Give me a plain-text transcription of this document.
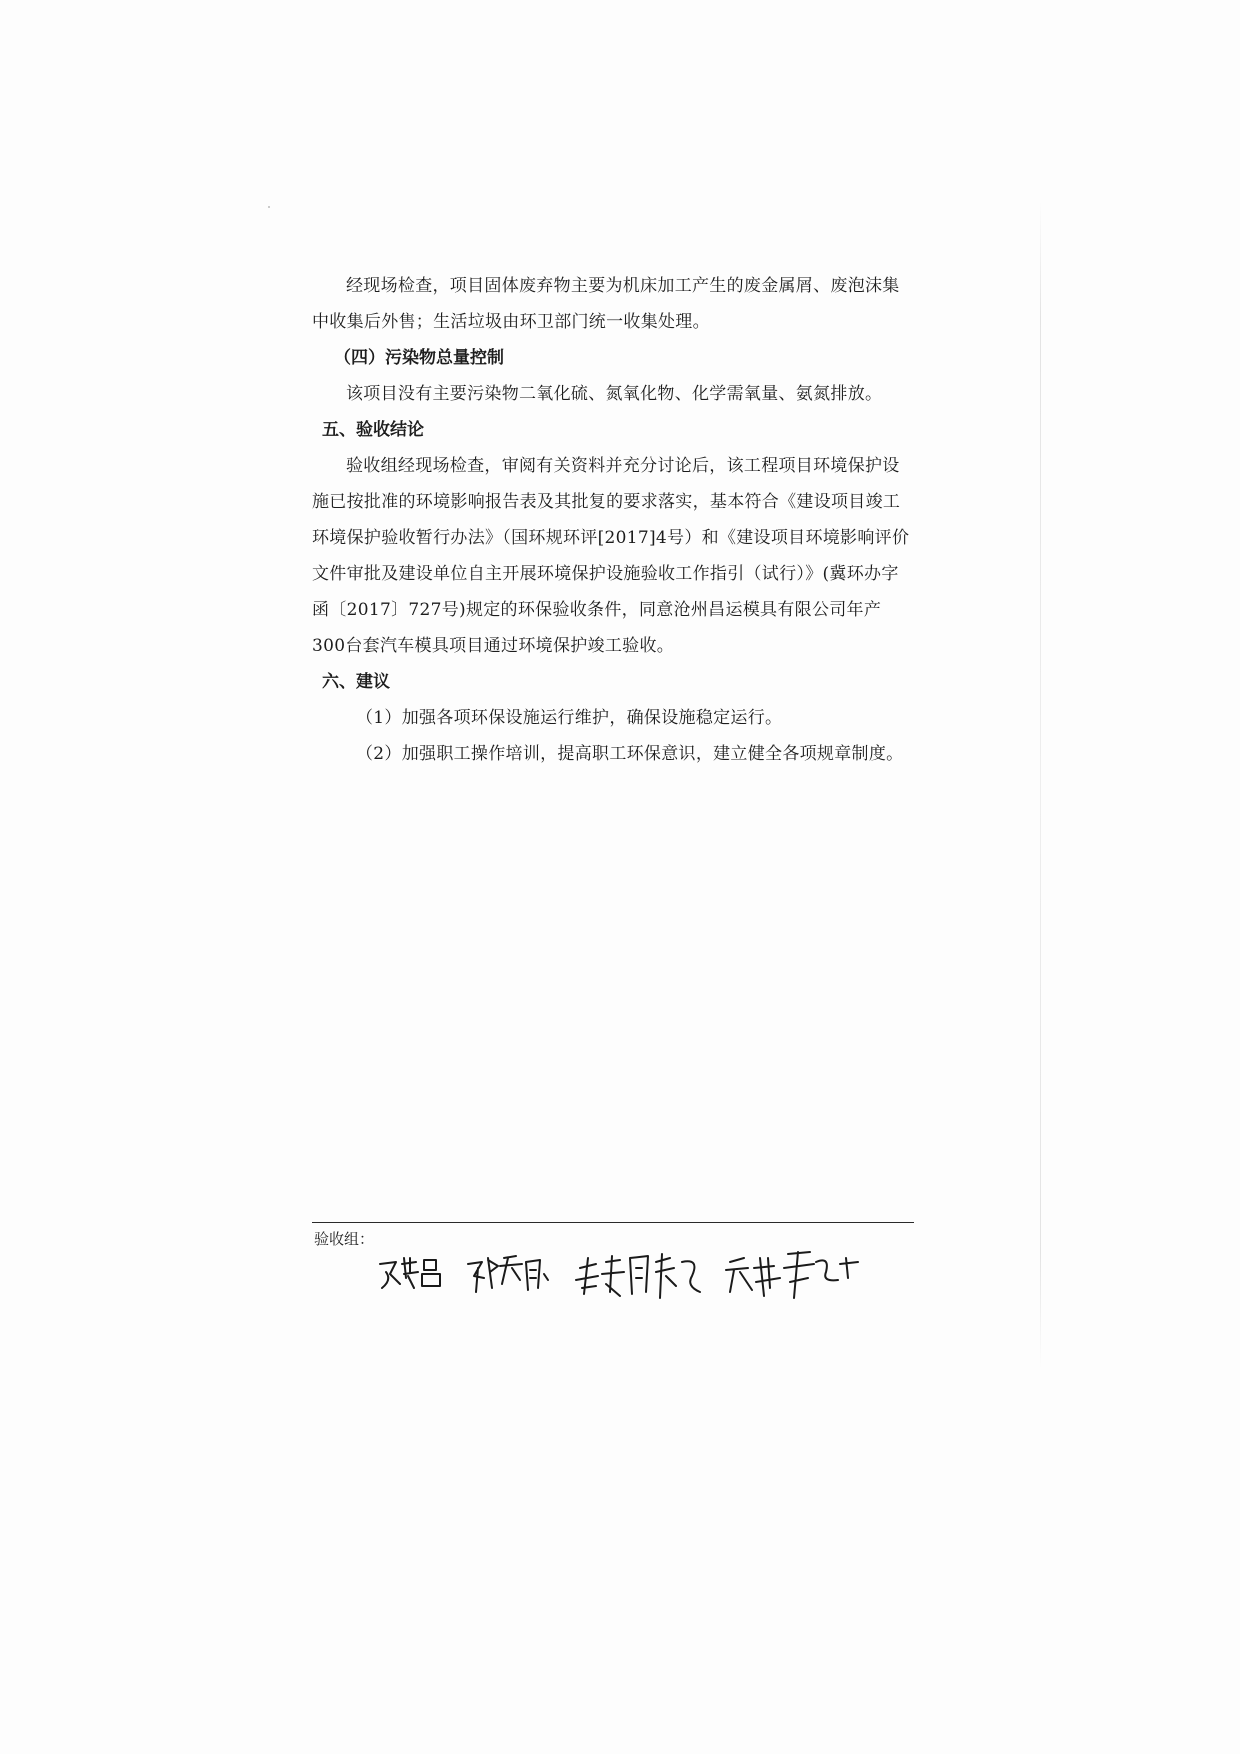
经现场检查，项目固体废弃物主要为机床加工产生的废金属屑、废泡沫集中收集后外售；生活垃圾由环卫部门统一收集处理。

（四）污染物总量控制

该项目没有主要污染物二氧化硫、氮氧化物、化学需氧量、氨氮排放。

五、验收结论

验收组经现场检查，审阅有关资料并充分讨论后，该工程项目环境保护设施已按批准的环境影响报告表及其批复的要求落实，基本符合《建设项目竣工环境保护验收暂行办法》（国环规环评[2017]4号）和《建设项目环境影响评价文件审批及建设单位自主开展环境保护设施验收工作指引（试行）》(冀环办字函〔2017〕727号)规定的环保验收条件，同意沧州昌运模具有限公司年产300台套汽车模具项目通过环境保护竣工验收。

六、建议

（1）加强各项环保设施运行维护，确保设施稳定运行。

（2）加强职工操作培训，提高职工环保意识，建立健全各项规章制度。

验收组：
